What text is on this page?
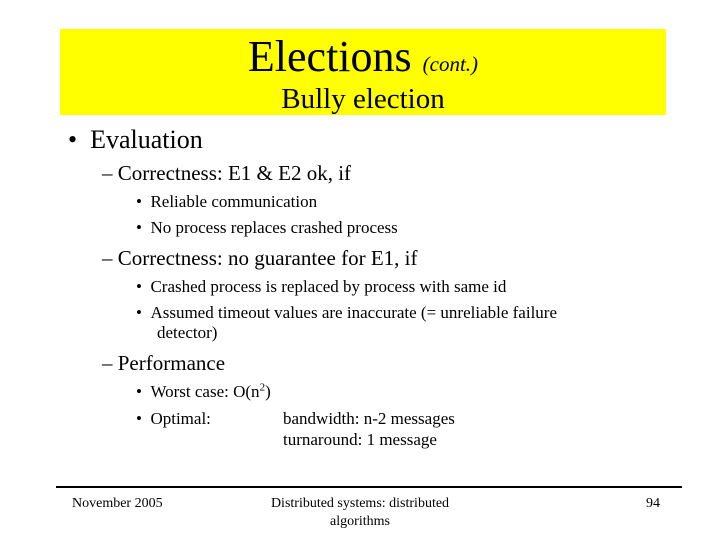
Elections (cont.)
Bully election
• Evaluation
– Correctness: E1 & E2 ok, if
• Reliable communication
• No process replaces crashed process
– Correctness: no guarantee for E1, if
• Crashed process is replaced by process with same id
• Assumed timeout values are inaccurate (= unreliable failure
detector)
– Performance
• Worst case: $O(n^2)$
• Optimal:	bandwidth: n-2 messages
turnaround: 1 message
November 2005	Distributed systems: distributed
algorithms
94
